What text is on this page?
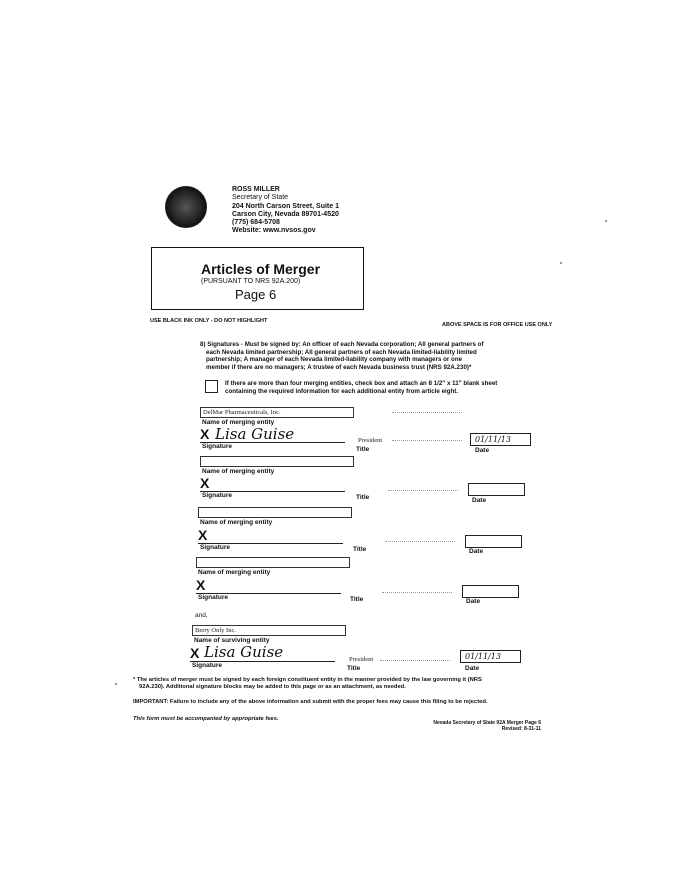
ROSS MILLER
Secretary of State
204 North Carson Street, Suite 1
Carson City, Nevada 89701-4520
(775) 684-5708
Website: www.nvsos.gov
Articles of Merger
(PURSUANT TO NRS 92A.200)
Page 6
USE BLACK INK ONLY - DO NOT HIGHLIGHT
ABOVE SPACE IS FOR OFFICE USE ONLY
8) Signatures - Must be signed by: An officer of each Nevada corporation; All general partners of
each Nevada limited partnership; All general partners of each Nevada limited-liability limited
partnership; A manager of each Nevada limited-liability company with managers or one
member if there are no managers; A trustee of each Nevada business trust (NRS 92A.230)*
If there are more than four merging entities, check box and attach an 8 1/2" x 11" blank sheet
containing the required information for each additional entity from article eight.
DelMar Pharmaceuticals, Inc.
Name of merging entity
X Lisa Guise
Signature
President
Title
01/11/13
Date
Name of merging entity
X
Signature	Title	Date
Name of merging entity
X
Signature	Title	Date
Name of merging entity
X
Signature	Title	Date
and,
Berry Only Inc.
Name of surviving entity
X Lisa Guise
Signature
President
Title
01/11/13
Date
* The articles of merger must be signed by each foreign constituent entity in the manner provided by the law governing it (NRS
92A.230). Additional signature blocks may be added to this page or as an attachment, as needed.
IMPORTANT: Failure to include any of the above information and submit with the proper fees may cause this filing to be rejected.
This form must be accompanied by appropriate fees.
Nevada Secretary of State 92A Merger Page 6
Revised: 8-31-11
